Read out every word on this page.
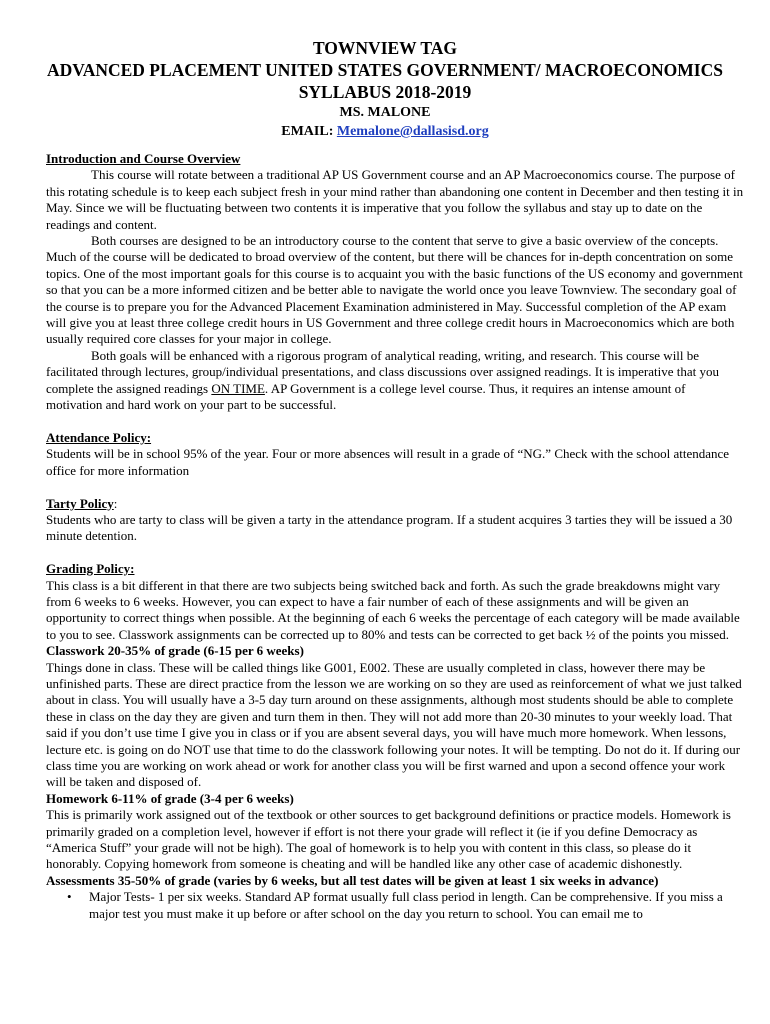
TOWNVIEW TAG
ADVANCED PLACEMENT UNITED STATES GOVERNMENT/ MACROECONOMICS
SYLLABUS 2018-2019
MS. MALONE
EMAIL: Memalone@dallasisd.org

Introduction and Course Overview

This course will rotate between a traditional AP US Government course and an AP Macroeconomics course. The purpose of this rotating schedule is to keep each subject fresh in your mind rather than abandoning one content in December and then testing it in May. Since we will be fluctuating between two contents it is imperative that you follow the syllabus and stay up to date on the readings and content.

Both courses are designed to be an introductory course to the content that serve to give a basic overview of the concepts. Much of the course will be dedicated to broad overview of the content, but there will be chances for in-depth concentration on some topics. One of the most important goals for this course is to acquaint you with the basic functions of the US economy and government so that you can be a more informed citizen and be better able to navigate the world once you leave Townview. The secondary goal of the course is to prepare you for the Advanced Placement Examination administered in May. Successful completion of the AP exam will give you at least three college credit hours in US Government and three college credit hours in Macroeconomics which are both usually required core classes for your major in college.

Both goals will be enhanced with a rigorous program of analytical reading, writing, and research. This course will be facilitated through lectures, group/individual presentations, and class discussions over assigned readings. It is imperative that you complete the assigned readings ON TIME. AP Government is a college level course. Thus, it requires an intense amount of motivation and hard work on your part to be successful.

Attendance Policy:

Students will be in school 95% of the year. Four or more absences will result in a grade of “NG.” Check with the school attendance office for more information

Tarty Policy:

Students who are tarty to class will be given a tarty in the attendance program. If a student acquires 3 tarties they will be issued a 30 minute detention.

Grading Policy:

This class is a bit different in that there are two subjects being switched back and forth. As such the grade breakdowns might vary from 6 weeks to 6 weeks. However, you can expect to have a fair number of each of these assignments and will be given an opportunity to correct things when possible. At the beginning of each 6 weeks the percentage of each category will be made available to you to see. Classwork assignments can be corrected up to 80% and tests can be corrected to get back ½ of the points you missed.

Classwork 20-35% of grade (6-15 per 6 weeks)

Things done in class. These will be called things like G001, E002. These are usually completed in class, however there may be unfinished parts. These are direct practice from the lesson we are working on so they are used as reinforcement of what we just talked about in class. You will usually have a 3-5 day turn around on these assignments, although most students should be able to complete these in class on the day they are given and turn them in then. They will not add more than 20-30 minutes to your weekly load. That said if you don’t use time I give you in class or if you are absent several days, you will have much more homework. When lessons, lecture etc. is going on do NOT use that time to do the classwork following your notes. It will be tempting. Do not do it. If during our class time you are working on work ahead or work for another class you will be first warned and upon a second offence your work will be taken and disposed of.

Homework 6-11% of grade (3-4 per 6 weeks)

This is primarily work assigned out of the textbook or other sources to get background definitions or practice models. Homework is primarily graded on a completion level, however if effort is not there your grade will reflect it (ie if you define Democracy as “America Stuff” your grade will not be high). The goal of homework is to help you with content in this class, so please do it honorably. Copying homework from someone is cheating and will be handled like any other case of academic dishonestly.

Assessments 35-50% of grade (varies by 6 weeks, but all test dates will be given at least 1 six weeks in advance)

• Major Tests- 1 per six weeks. Standard AP format usually full class period in length. Can be comprehensive. If you miss a major test you must make it up before or after school on the day you return to school. You can email me to
